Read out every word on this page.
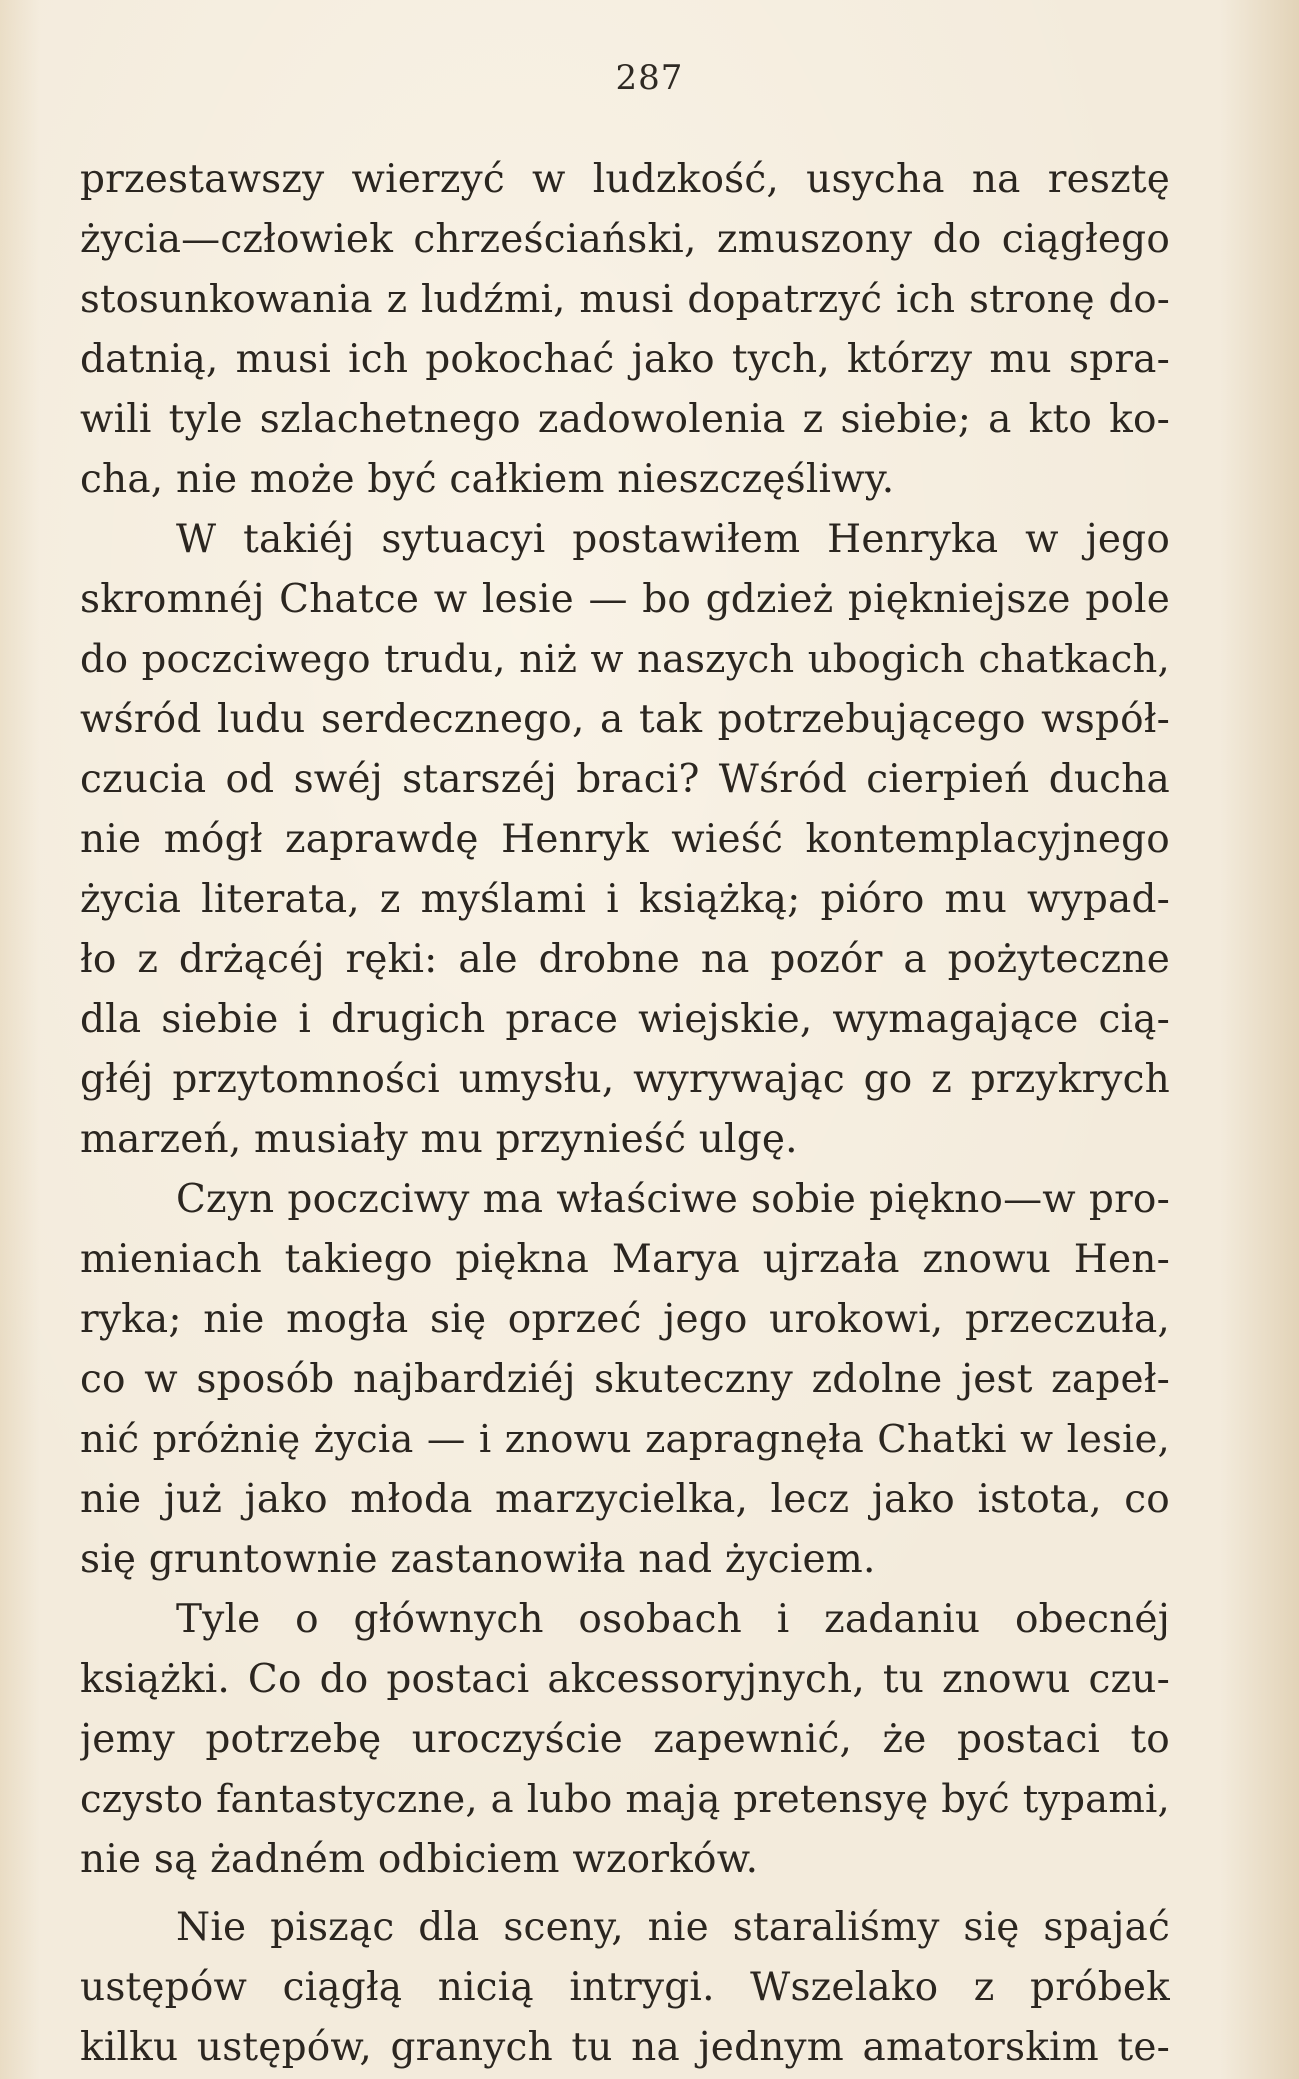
287
przestawszy wierzyć w ludzkość, usycha na resztę
życia—człowiek chrześciański, zmuszony do ciągłego
stosunkowania z ludźmi, musi dopatrzyć ich stronę do-
datnią, musi ich pokochać jako tych, którzy mu spra-
wili tyle szlachetnego zadowolenia z siebie; a kto ko-
cha, nie może być całkiem nieszczęśliwy.
W takiéj sytuacyi postawiłem Henryka w jego
skromnéj Chatce w lesie — bo gdzież piękniejsze pole
do poczciwego trudu, niż w naszych ubogich chatkach,
wśród ludu serdecznego, a tak potrzebującego współ-
czucia od swéj starszéj braci? Wśród cierpień ducha
nie mógł zaprawdę Henryk wieść kontemplacyjnego
życia literata, z myślami i książką; pióro mu wypad-
ło z drżącéj ręki: ale drobne na pozór a pożyteczne
dla siebie i drugich prace wiejskie, wymagające cią-
głéj przytomności umysłu, wyrywając go z przykrych
marzeń, musiały mu przynieść ulgę.
Czyn poczciwy ma właściwe sobie piękno—w pro-
mieniach takiego piękna Marya ujrzała znowu Hen-
ryka; nie mogła się oprzeć jego urokowi, przeczuła,
co w sposób najbardziéj skuteczny zdolne jest zapeł-
nić próżnię życia — i znowu zapragnęła Chatki w lesie,
nie już jako młoda marzycielka, lecz jako istota, co
się gruntownie zastanowiła nad życiem.
Tyle o głównych osobach i zadaniu obecnéj
książki. Co do postaci akcessoryjnych, tu znowu czu-
jemy potrzebę uroczyście zapewnić, że postaci to
czysto fantastyczne, a lubo mają pretensyę być typami,
nie są żadném odbiciem wzorków.
Nie pisząc dla sceny, nie staraliśmy się spajać
ustępów ciągłą nicią intrygi. Wszelako z próbek
kilku ustępów, granych tu na jednym amatorskim te-
